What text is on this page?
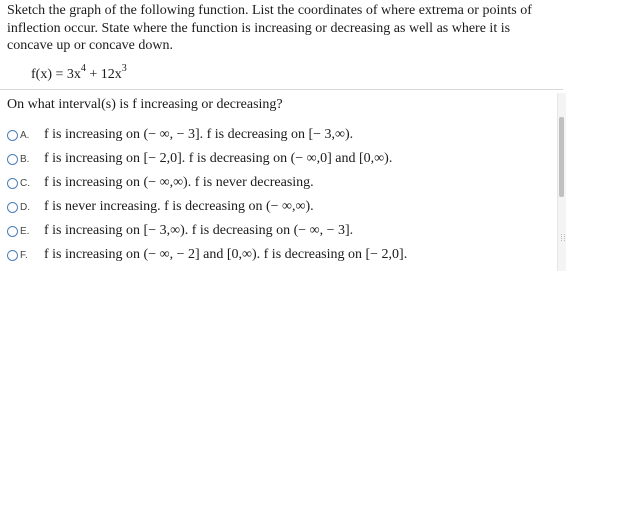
Sketch the graph of the following function. List the coordinates of where extrema or points of inflection occur. State where the function is increasing or decreasing as well as where it is concave up or concave down.

$f(x) = 3x^4 + 12x^3$
On what interval(s) is f increasing or decreasing?
A.	f is increasing on (− ∞, − 3]. f is decreasing on [− 3,∞).
B.	f is increasing on [− 2,0]. f is decreasing on (− ∞,0] and [0,∞).
C.	f is increasing on (− ∞,∞). f is never decreasing.
D.	f is never increasing. f is decreasing on (− ∞,∞).
E.	f is increasing on [− 3,∞). f is decreasing on (− ∞, − 3].
F.	f is increasing on (− ∞, − 2] and [0,∞). f is decreasing on [− 2,0].
